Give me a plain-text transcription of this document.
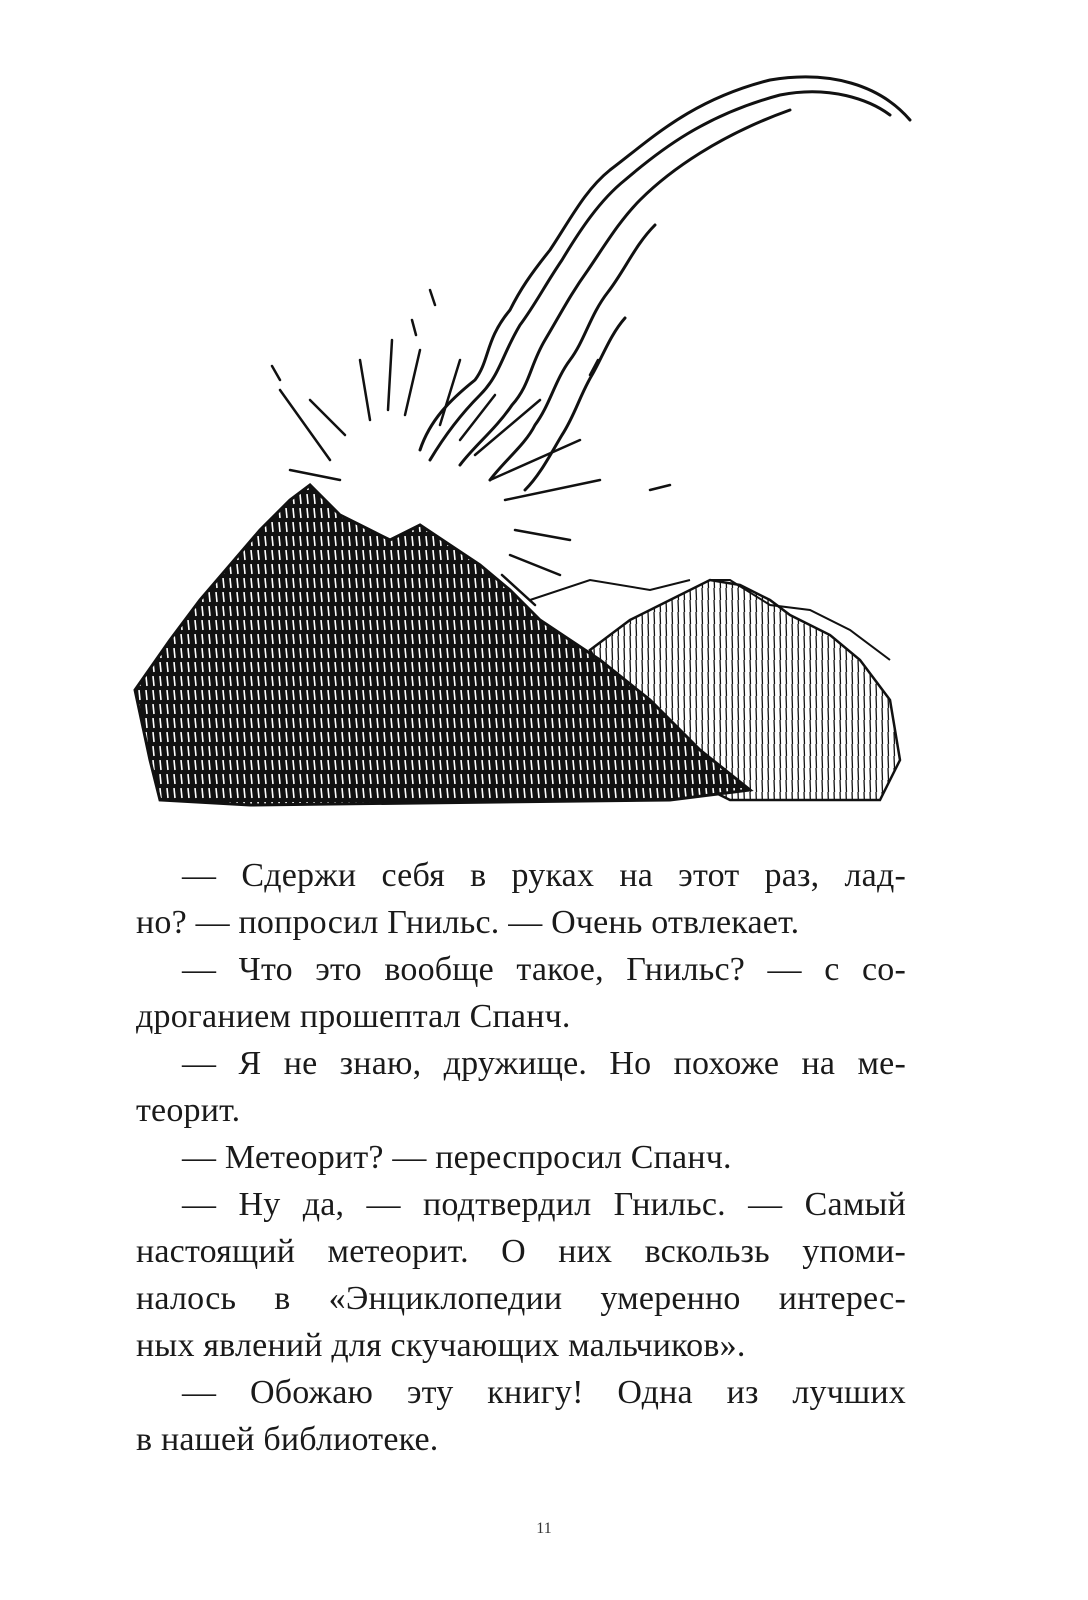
— Сдержи себя в руках на этот раз, лад-
но? — попросил Гнильс. — Очень отвлекает.
— Что это вообще такое, Гнильс? — с со-
дроганием прошептал Спанч.
— Я не знаю, дружище. Но похоже на ме-
теорит.
— Метеорит? — переспросил Спанч.
— Ну да, — подтвердил Гнильс. — Самый
настоящий метеорит. О них вскользь упоми-
налось в «Энциклопедии умеренно интерес-
ных явлений для скучающих мальчиков».
— Обожаю эту книгу! Одна из лучших
в нашей библиотеке.
11
